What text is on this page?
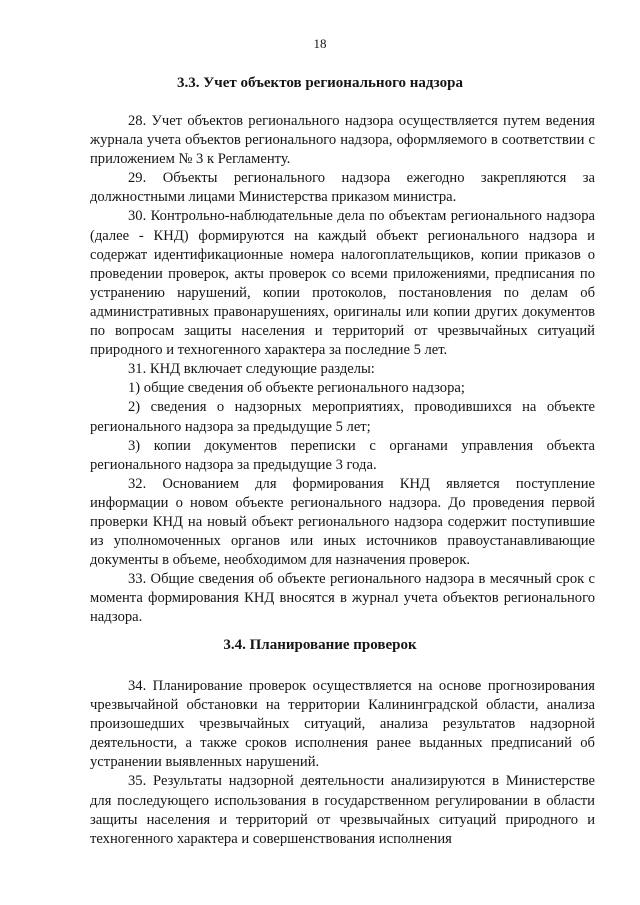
18
3.3. Учет объектов регионального надзора

28. Учет объектов регионального надзора осуществляется путем ведения журнала учета объектов регионального надзора, оформляемого в соответствии с приложением № 3 к Регламенту.

29. Объекты регионального надзора ежегодно закрепляются за должностными лицами Министерства приказом министра.

30. Контрольно-наблюдательные дела по объектам регионального надзора (далее - КНД) формируются на каждый объект регионального надзора и содержат идентификационные номера налогоплательщиков, копии приказов о проведении проверок, акты проверок со всеми приложениями, предписания по устранению нарушений, копии протоколов, постановления по делам об административных правонарушениях, оригиналы или копии других документов по вопросам защиты населения и территорий от чрезвычайных ситуаций природного и техногенного характера за последние 5 лет.

31. КНД включает следующие разделы:

1) общие сведения об объекте регионального надзора;

2) сведения о надзорных мероприятиях, проводившихся на объекте регионального надзора за предыдущие 5 лет;

3) копии документов переписки с органами управления объекта регионального надзора за предыдущие 3 года.

32. Основанием для формирования КНД является поступление информации о новом объекте регионального надзора. До проведения первой проверки КНД на новый объект регионального надзора содержит поступившие из уполномоченных органов или иных источников правоустанавливающие документы в объеме, необходимом для назначения проверок.

33. Общие сведения об объекте регионального надзора в месячный срок с момента формирования КНД вносятся в журнал учета объектов регионального надзора.

3.4. Планирование проверок

34. Планирование проверок осуществляется на основе прогнозирования чрезвычайной обстановки на территории Калининградской области, анализа произошедших чрезвычайных ситуаций, анализа результатов надзорной деятельности, а также сроков исполнения ранее выданных предписаний об устранении выявленных нарушений.

35. Результаты надзорной деятельности анализируются в Министерстве для последующего использования в государственном регулировании в области защиты населения и территорий от чрезвычайных ситуаций природного и техногенного характера и совершенствования исполнения
